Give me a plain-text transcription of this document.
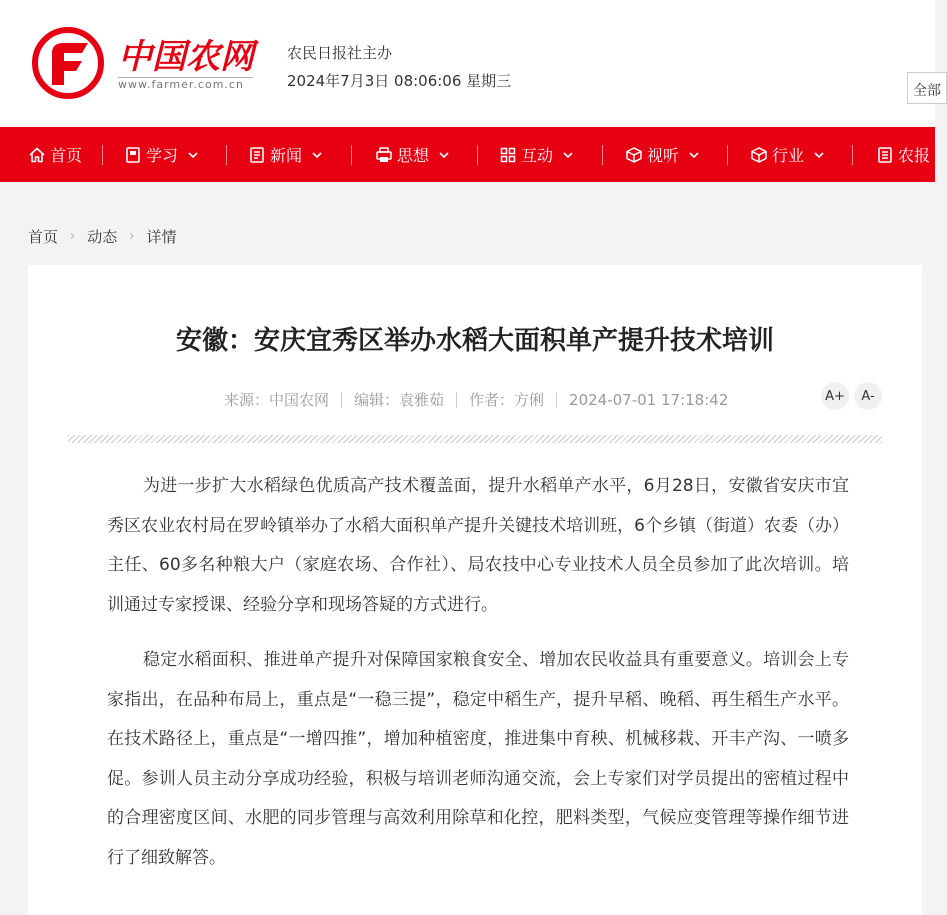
中国农网
www.farmer.com.cn
农民日报社主办
2024年7月3日 08:06:06 星期三
全部
首页	学习	新闻	思想	互动	视听	行业	农报
首页 › 动态 › 详情
安徽：安庆宜秀区举办水稻大面积单产提升技术培训
来源：中国农网 编辑：袁雅茹 作者：方俐 2024-07-01 17:18:42	A+	A-

为进一步扩大水稻绿色优质高产技术覆盖面，提升水稻单产水平，6月28日，安徽省安庆市宜秀区农业农村局在罗岭镇举办了水稻大面积单产提升关键技术培训班，6个乡镇（街道）农委（办）主任、60多名种粮大户（家庭农场、合作社）、局农技中心专业技术人员全员参加了此次培训。培训通过专家授课、经验分享和现场答疑的方式进行。

稳定水稻面积、推进单产提升对保障国家粮食安全、增加农民收益具有重要意义。培训会上专家指出，在品种布局上，重点是“一稳三提”，稳定中稻生产，提升早稻、晚稻、再生稻生产水平。在技术路径上，重点是“一增四推”，增加种植密度，推进集中育秧、机械移栽、开丰产沟、一喷多促。参训人员主动分享成功经验，积极与培训老师沟通交流，会上专家们对学员提出的密植过程中的合理密度区间、水肥的同步管理与高效利用除草和化控，肥料类型，气候应变管理等操作细节进行了细致解答。
